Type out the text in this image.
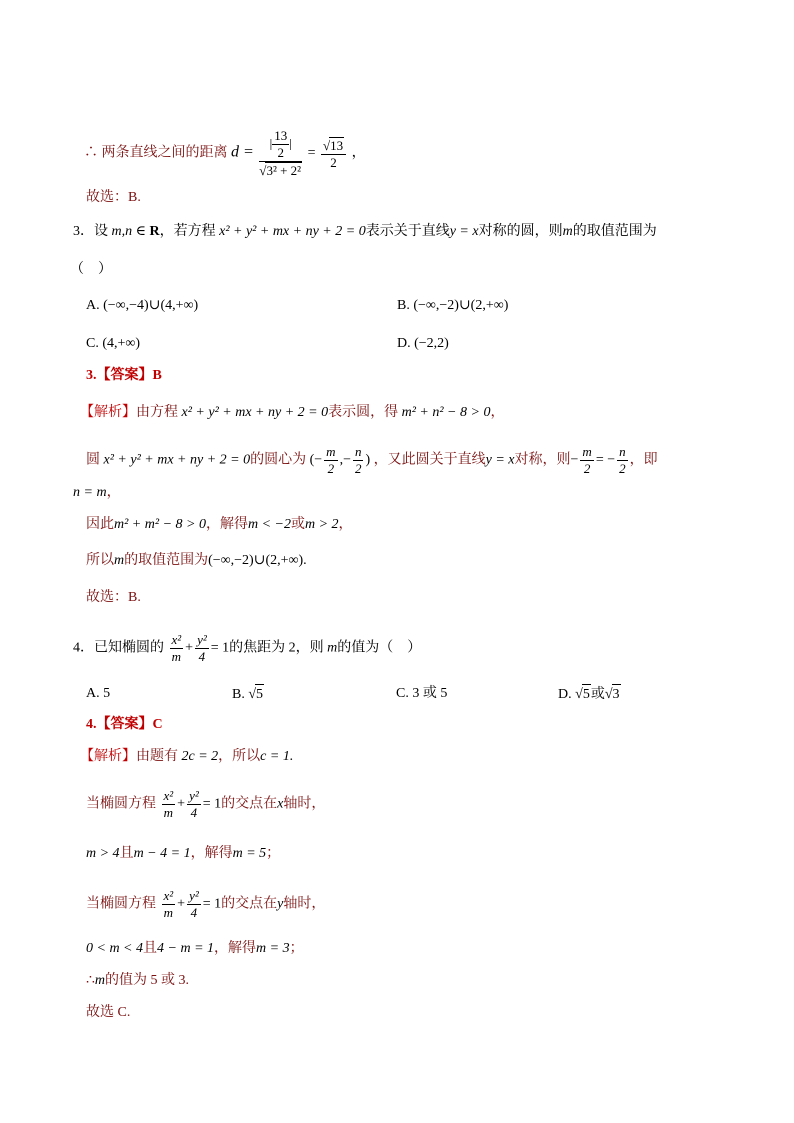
∴ 两条直线之间的距离 $d = \frac{| \frac{13}{2} |}{\text{√3² + 2²}} = \frac{√13}{2}$ ，
故选：B.
3．设 m,n ∈ R，若方程 x² + y² + mx + ny + 2 = 0表示关于直线y = x对称的圆，则m的取值范围为
（　）
A. (−∞,−4)∪(4,+∞)	B. (−∞,−2)∪(2,+∞)
C. (4,+∞)	D. (−2,2)
3.【答案】B
【解析】由方程 x² + y² + mx + ny + 2 = 0表示圆，得 m² + n² − 8 > 0，
圆 x² + y² + mx + ny + 2 = 0的圆心为 (− $\frac{m}{2}$ ,− $\frac{n}{2}$ ) ，又此圆关于直线y = x对称，则− $\frac{m}{2}$ = − $\frac{n}{2}$ ，即
n = m，
因此m² + m² − 8 > 0，解得m < −2或m > 2，
所以m的取值范围为(−∞,−2)∪(2,+∞).
故选：B.
4．已知椭圆的 $\frac{\text{x²}}{m} + \frac{\text{y²}}{4} = 1$的焦距为 2，则 m的值为（　）
A. 5	B. √5	C. 3 或 5	D. √5或√3
4.【答案】C
【解析】由题有 2c = 2，所以c = 1.
当椭圆方程 $\frac{\text{x²}}{m} + \frac{\text{y²}}{4} = 1$的交点在x轴时，
m > 4且m − 4 = 1，解得m = 5；
当椭圆方程 $\frac{\text{x²}}{m} + \frac{\text{y²}}{4} = 1$的交点在y轴时，
0 < m < 4且4 − m = 1，解得m = 3；
∴m的值为 5 或 3.
故选 C.
